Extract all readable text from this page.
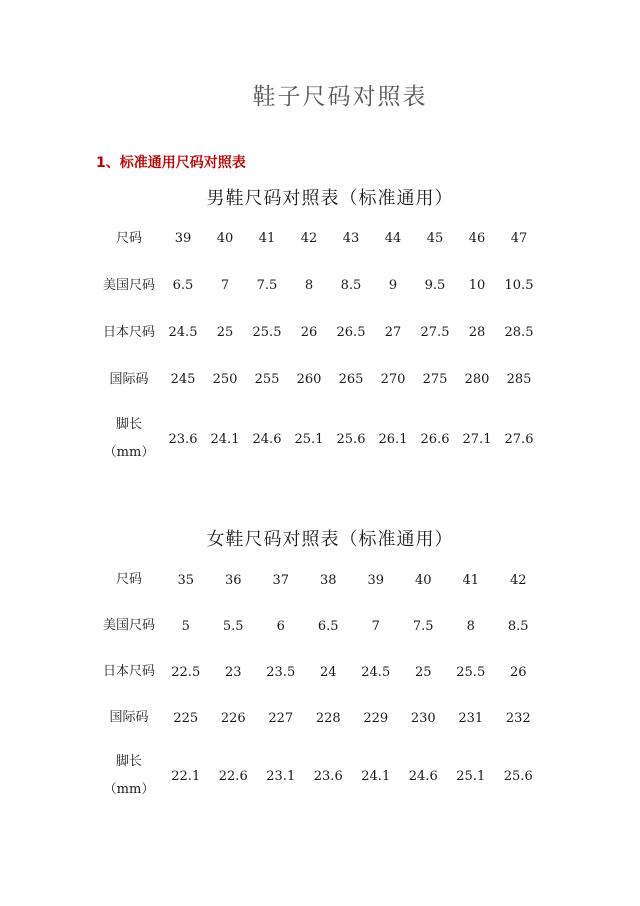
鞋子尺码对照表
1、标准通用尺码对照表
男鞋尺码对照表（标准通用）
尺码	39	40	41	42	43	44	45	46	47

美国尺码	6.5	7	7.5	8	8.5	9	9.5	10	10.5

日本尺码	24.5	25	25.5	26	26.5	27	27.5	28	28.5

国际码	245	250	255	260	265	270	275	280	285

脚长
（mm）	23.6	24.1	24.6	25.1	25.6	26.1	26.6	27.1	27.6
女鞋尺码对照表（标准通用）
尺码	35	36	37	38	39	40	41	42

美国尺码	5	5.5	6	6.5	7	7.5	8	8.5

日本尺码	22.5	23	23.5	24	24.5	25	25.5	26

国际码	225	226	227	228	229	230	231	232

脚长
（mm）	22.1	22.6	23.1	23.6	24.1	24.6	25.1	25.6
